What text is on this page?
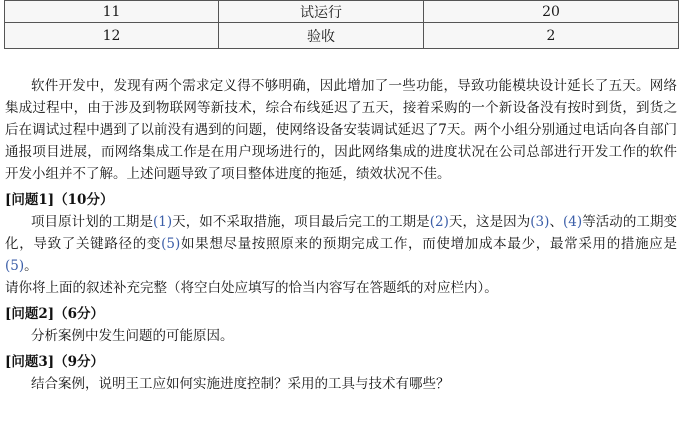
11	试运行	20
12	验收	2

软件开发中，发现有两个需求定义得不够明确，因此增加了一些功能，导致功能模块设计延长了五天。网络集成过程中，由于涉及到物联网等新技术，综合布线延迟了五天，接着采购的一个新设备没有按时到货，到货之后在调试过程中遇到了以前没有遇到的问题，使网络设备安装调试延迟了7天。两个小组分别通过电话向各自部门通报项目进展，而网络集成工作是在用户现场进行的，因此网络集成的进度状况在公司总部进行开发工作的软件开发小组并不了解。上述问题导致了项目整体进度的拖延，绩效状况不佳。

[问题1]（10分）

项目原计划的工期是(1)天，如不采取措施，项目最后完工的工期是(2)天，这是因为(3)、(4)等活动的工期变化，导致了关键路径的变(5)如果想尽量按照原来的预期完成工作，而使增加成本最少，最常采用的措施应是(5)。

请你将上面的叙述补充完整（将空白处应填写的恰当内容写在答题纸的对应栏内）。

[问题2]（6分）

分析案例中发生问题的可能原因。

[问题3]（9分）

结合案例，说明王工应如何实施进度控制？采用的工具与技术有哪些？
